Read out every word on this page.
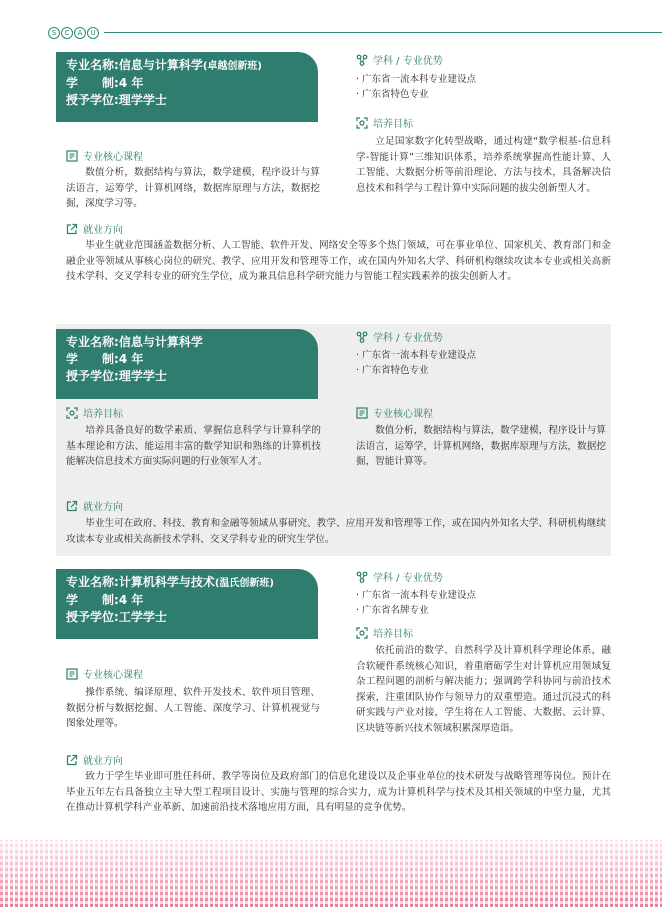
S	C	A	U
专业名称:信息与计算科学(卓越创新班)
学　　制:4 年
授予学位:理学学士
学科 / 专业优势
· 广东省一流本科专业建设点
· 广东省特色专业
培养目标
立足国家数字化转型战略，通过构建“数学根基-信息科学-智能计算”三维知识体系，培养系统掌握高性能计算、人工智能、大数据分析等前沿理论、方法与技术，具备解决信息技术和科学与工程计算中实际问题的拔尖创新型人才。
专业核心课程
数值分析，数据结构与算法，数学建模，程序设计与算法语言，运筹学，计算机网络，数据库原理与方法，数据挖掘，深度学习等。
就业方向
毕业生就业范围涵盖数据分析、人工智能、软件开发、网络安全等多个热门领域，可在事业单位、国家机关、教育部门和金融企业等领域从事核心岗位的研究、教学、应用开发和管理等工作，或在国内外知名大学、科研机构继续攻读本专业或相关高新技术学科、交叉学科专业的研究生学位，成为兼具信息科学研究能力与智能工程实践素养的拔尖创新人才。
专业名称:信息与计算科学
学　　制:4 年
授予学位:理学学士
学科 / 专业优势
· 广东省一流本科专业建设点
· 广东省特色专业
培养目标
培养具备良好的数学素质、掌握信息科学与计算科学的基本理论和方法、能运用丰富的数学知识和熟练的计算机技能解决信息技术方面实际问题的行业领军人才。
专业核心课程
数值分析，数据结构与算法，数学建模，程序设计与算法语言，运筹学，计算机网络，数据库原理与方法，数据挖掘，智能计算等。
就业方向
毕业生可在政府、科技、教育和金融等领域从事研究、教学、应用开发和管理等工作，或在国内外知名大学、科研机构继续攻读本专业或相关高新技术学科、交叉学科专业的研究生学位。
专业名称:计算机科学与技术(温氏创新班)
学　　制:4 年
授予学位:工学学士
学科 / 专业优势
· 广东省一流本科专业建设点
· 广东省名牌专业
培养目标
依托前沿的数学、自然科学及计算机科学理论体系，融合软硬件系统核心知识，着重磨砺学生对计算机应用领域复杂工程问题的剖析与解决能力；强调跨学科协同与前沿技术探索，注重团队协作与领导力的双重塑造。通过沉浸式的科研实践与产业对接，学生将在人工智能、大数据、云计算、区块链等新兴技术领域积累深厚造诣。
专业核心课程
操作系统、编译原理、软件开发技术、软件项目管理、数据分析与数据挖掘、人工智能、深度学习、计算机视觉与图象处理等。
就业方向
致力于学生毕业即可胜任科研、教学等岗位及政府部门的信息化建设以及企事业单位的技术研发与战略管理等岗位。预计在毕业五年左右具备独立主导大型工程项目设计、实施与管理的综合实力，成为计算机科学与技术及其相关领域的中坚力量，尤其在推动计算机学科产业革新、加速前沿技术落地应用方面，具有明显的竞争优势。
